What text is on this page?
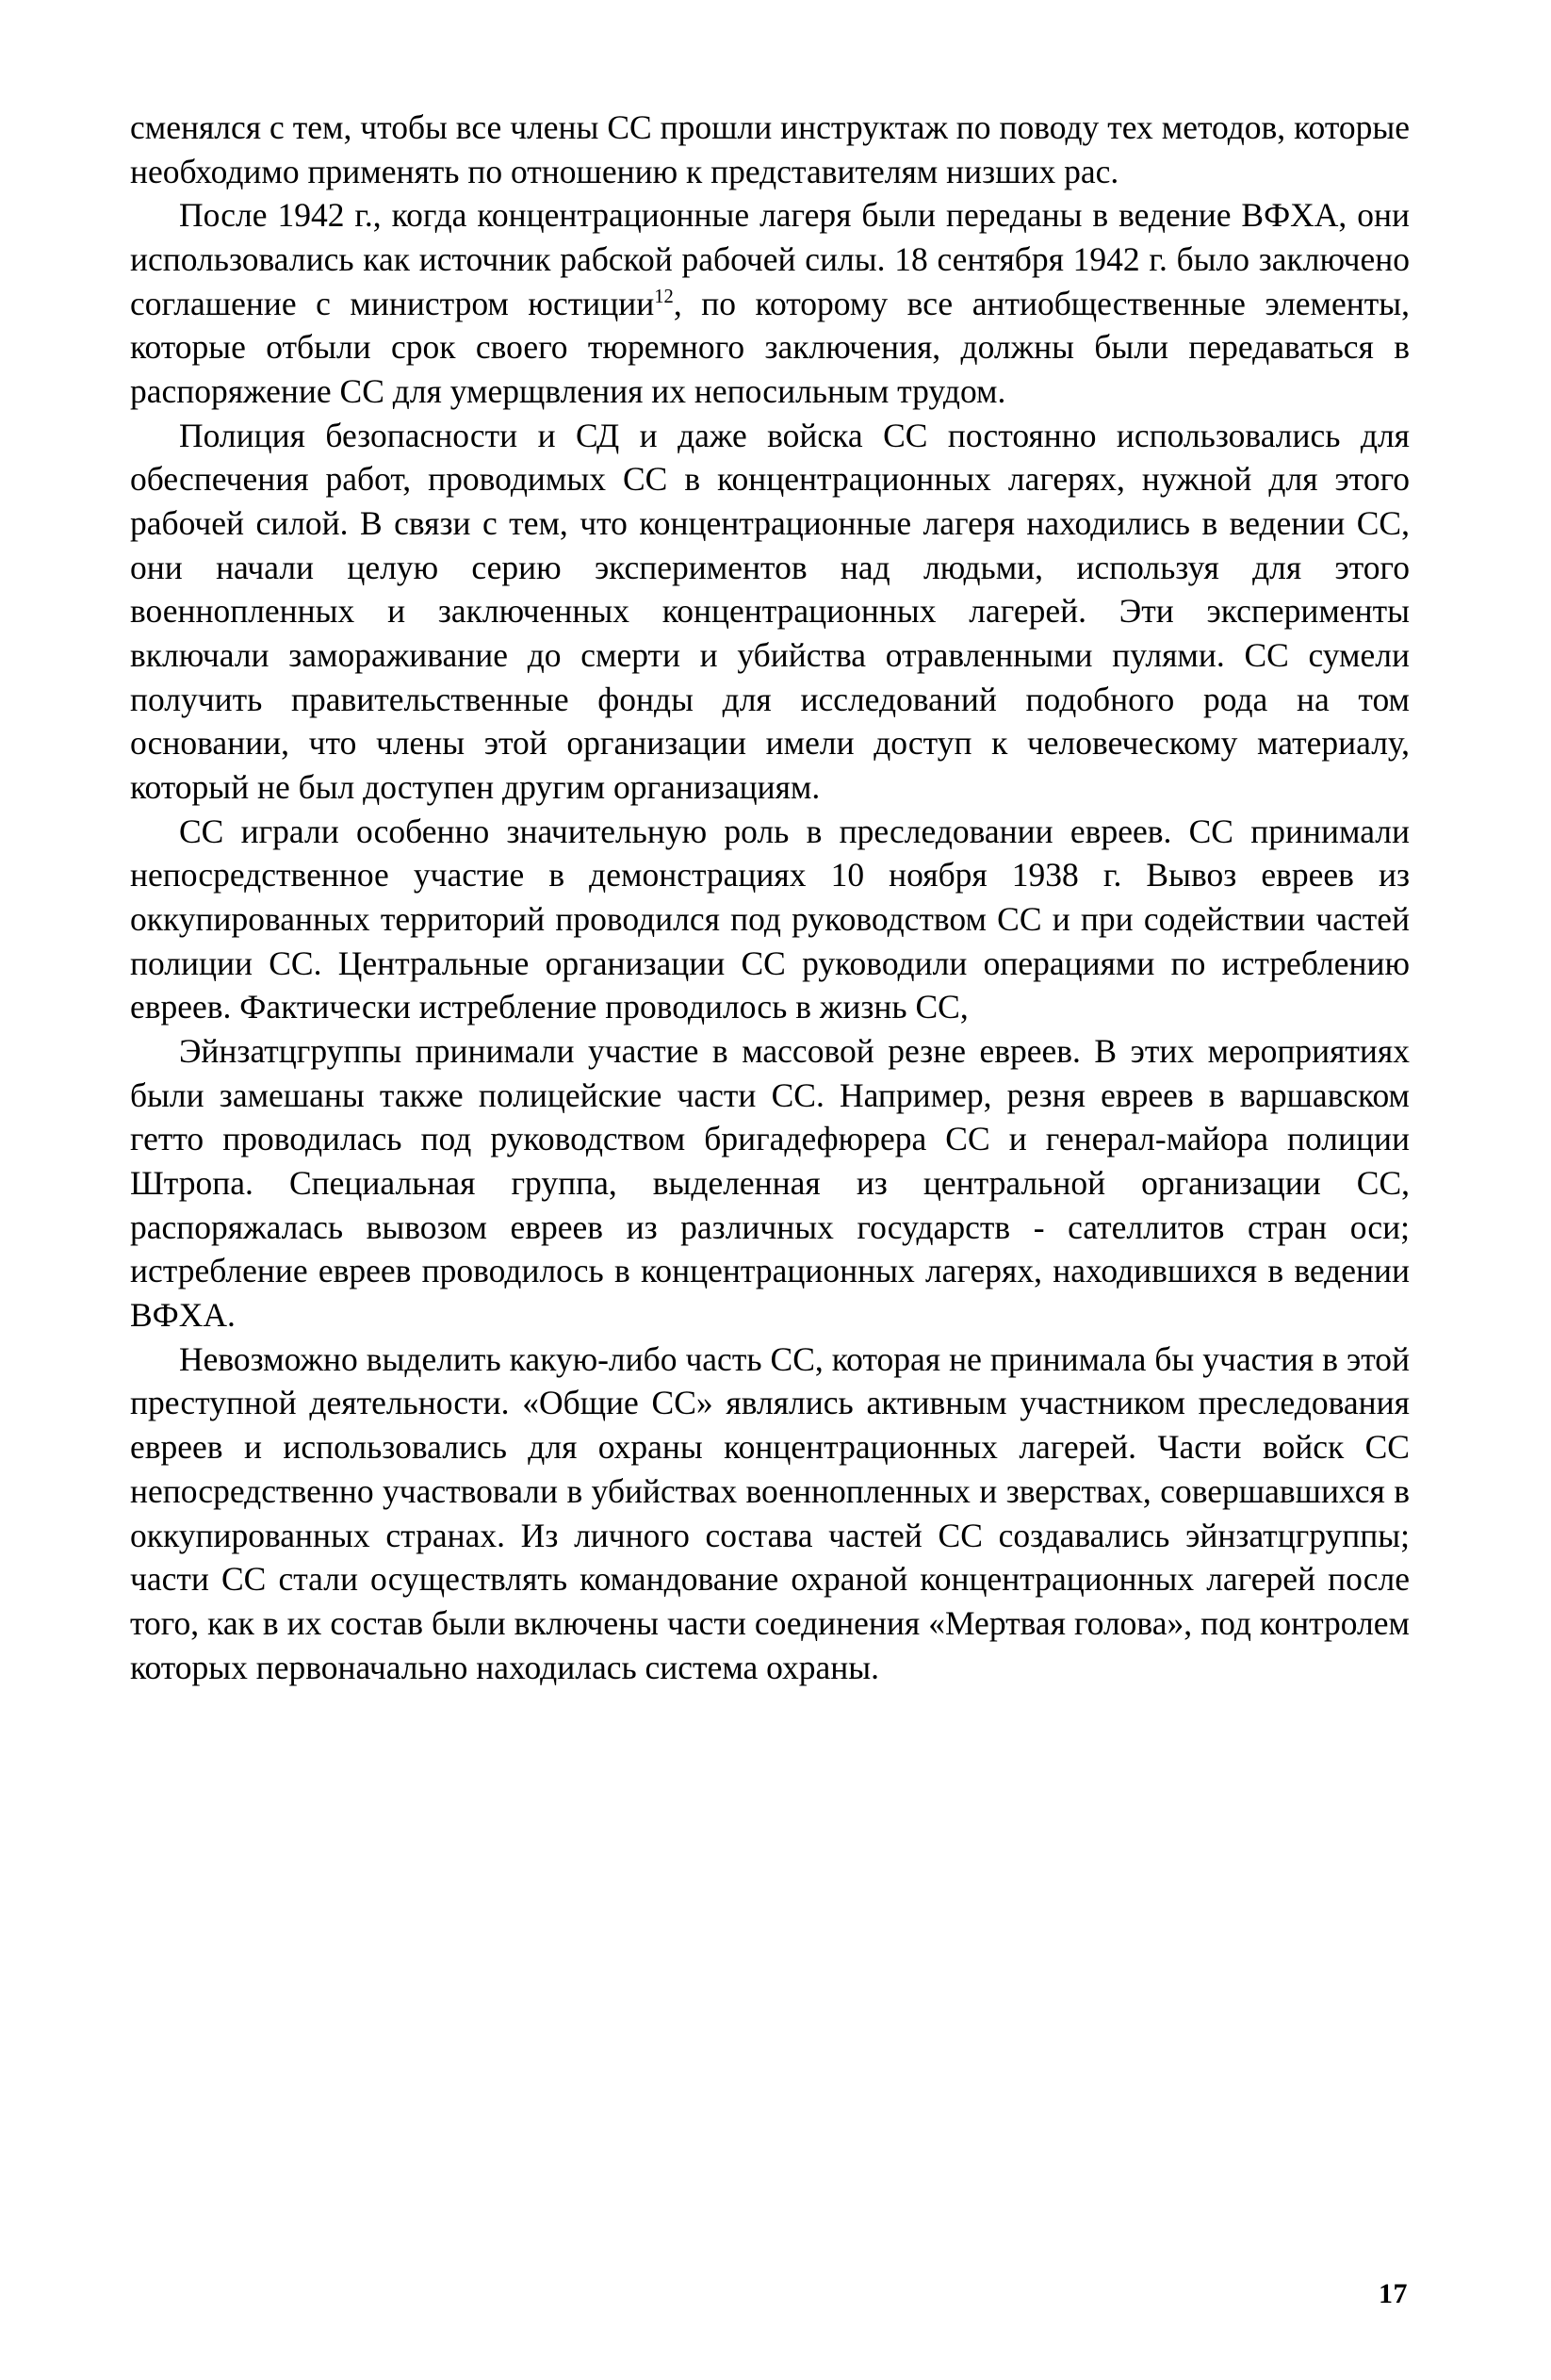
сменялся с тем, чтобы все члены СС прошли инструктаж по поводу тех методов, которые необходимо применять по отношению к представителям низших рас.

После 1942 г., когда концентрационные лагеря были переданы в ведение ВФХА, они использовались как источник рабской рабочей силы. 18 сентября 1942 г. было заключено соглашение с министром юстиции$^{12}$, по которому все антиобщественные элементы, которые отбыли срок своего тюремного заключения, должны были передаваться в распоряжение СС для умерщвления их непосильным трудом.

Полиция безопасности и СД и даже войска СС постоянно использовались для обеспечения работ, проводимых СС в концентрационных лагерях, нужной для этого рабочей силой. В связи с тем, что концентрационные лагеря находились в ведении СС, они начали целую серию экспериментов над людьми, используя для этого военнопленных и заключенных концентрационных лагерей. Эти эксперименты включали замораживание до смерти и убийства отравленными пулями. СС сумели получить правительственные фонды для исследований подобного рода на том основании, что члены этой организации имели доступ к человеческому материалу, который не был доступен другим организациям.

СС играли особенно значительную роль в преследовании евреев. СС принимали непосредственное участие в демонстрациях 10 ноября 1938 г. Вывоз евреев из оккупированных территорий проводился под руководством СС и при содействии частей полиции СС. Центральные организации СС руководили операциями по истреблению евреев. Фактически истребление проводилось в жизнь СС,

Эйнзатцгруппы принимали участие в массовой резне евреев. В этих мероприятиях были замешаны также полицейские части СС. Например, резня евреев в варшавском гетто проводилась под руководством бригадефюрера СС и генерал-майора полиции Штропа. Специальная группа, выделенная из центральной организации СС, распоряжалась вывозом евреев из различных государств - сателлитов стран оси; истребление евреев проводилось в концентрационных лагерях, находившихся в ведении ВФХА.

Невозможно выделить какую-либо часть СС, которая не принимала бы участия в этой преступной деятельности. «Общие СС» являлись активным участником преследования евреев и использовались для охраны концентрационных лагерей. Части войск СС непосредственно участвовали в убийствах военнопленных и зверствах, совершавшихся в оккупированных странах. Из личного состава частей СС создавались эйнзатцгруппы; части СС стали осуществлять командование охраной концентрационных лагерей после того, как в их состав были включены части соединения «Мертвая голова», под контролем которых первоначально находилась система охраны.

17
